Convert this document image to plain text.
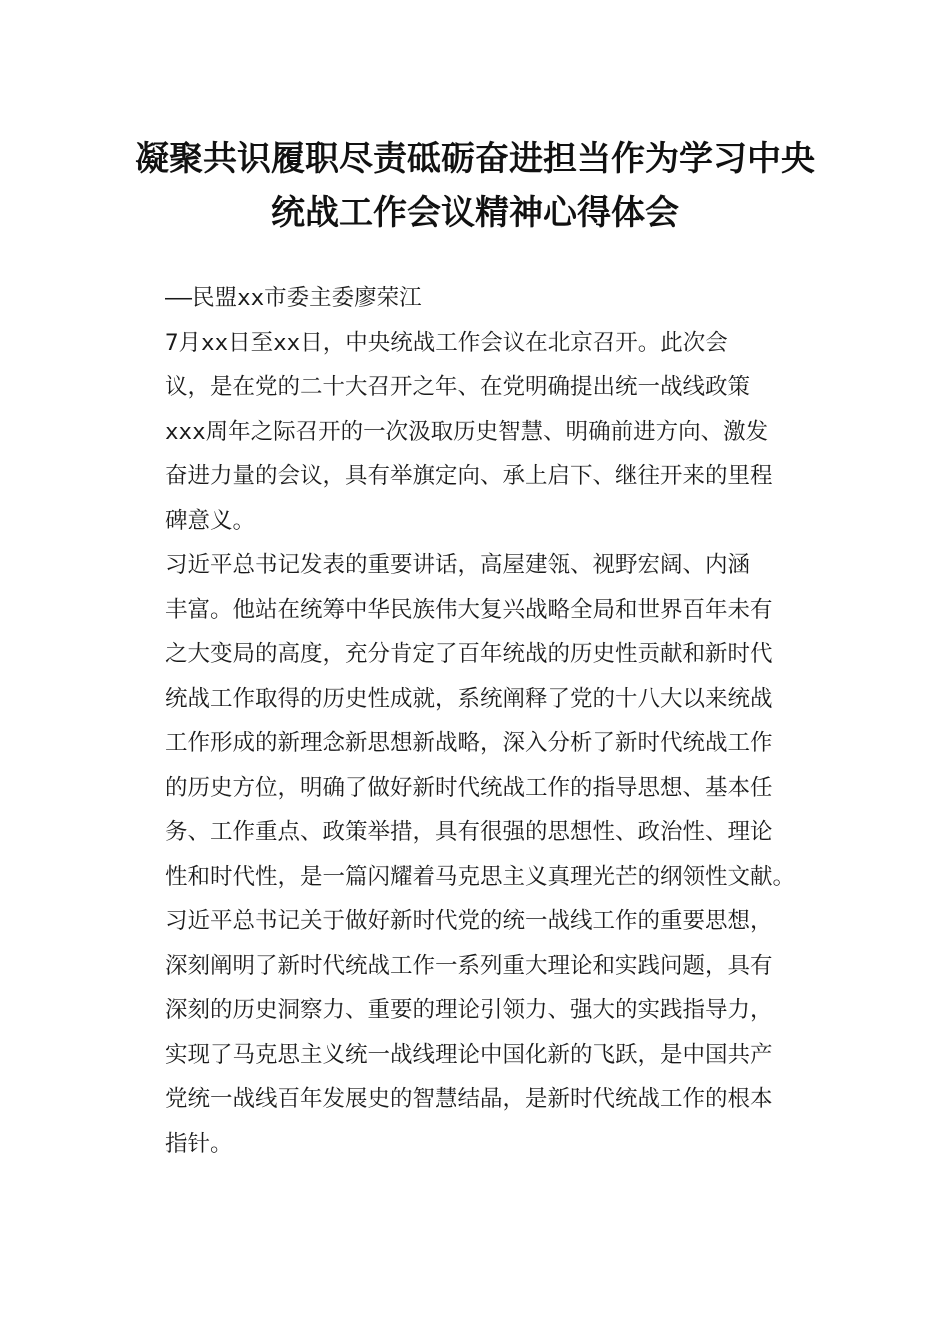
凝聚共识履职尽责砥砺奋进担当作为学习中央
统战工作会议精神心得体会

——民盟xx市委主委廖荣江

7月xx日至xx日，中央统战工作会议在北京召开。此次会
议，是在党的二十大召开之年、在党明确提出统一战线政策
xxx周年之际召开的一次汲取历史智慧、明确前进方向、激发
奋进力量的会议，具有举旗定向、承上启下、继往开来的里程
碑意义。

习近平总书记发表的重要讲话，高屋建瓴、视野宏阔、内涵
丰富。他站在统筹中华民族伟大复兴战略全局和世界百年未有
之大变局的高度，充分肯定了百年统战的历史性贡献和新时代
统战工作取得的历史性成就，系统阐释了党的十八大以来统战
工作形成的新理念新思想新战略，深入分析了新时代统战工作
的历史方位，明确了做好新时代统战工作的指导思想、基本任
务、工作重点、政策举措，具有很强的思想性、政治性、理论
性和时代性，是一篇闪耀着马克思主义真理光芒的纲领性文献。
习近平总书记关于做好新时代党的统一战线工作的重要思想，
深刻阐明了新时代统战工作一系列重大理论和实践问题，具有
深刻的历史洞察力、重要的理论引领力、强大的实践指导力，
实现了马克思主义统一战线理论中国化新的飞跃，是中国共产
党统一战线百年发展史的智慧结晶，是新时代统战工作的根本
指针。
